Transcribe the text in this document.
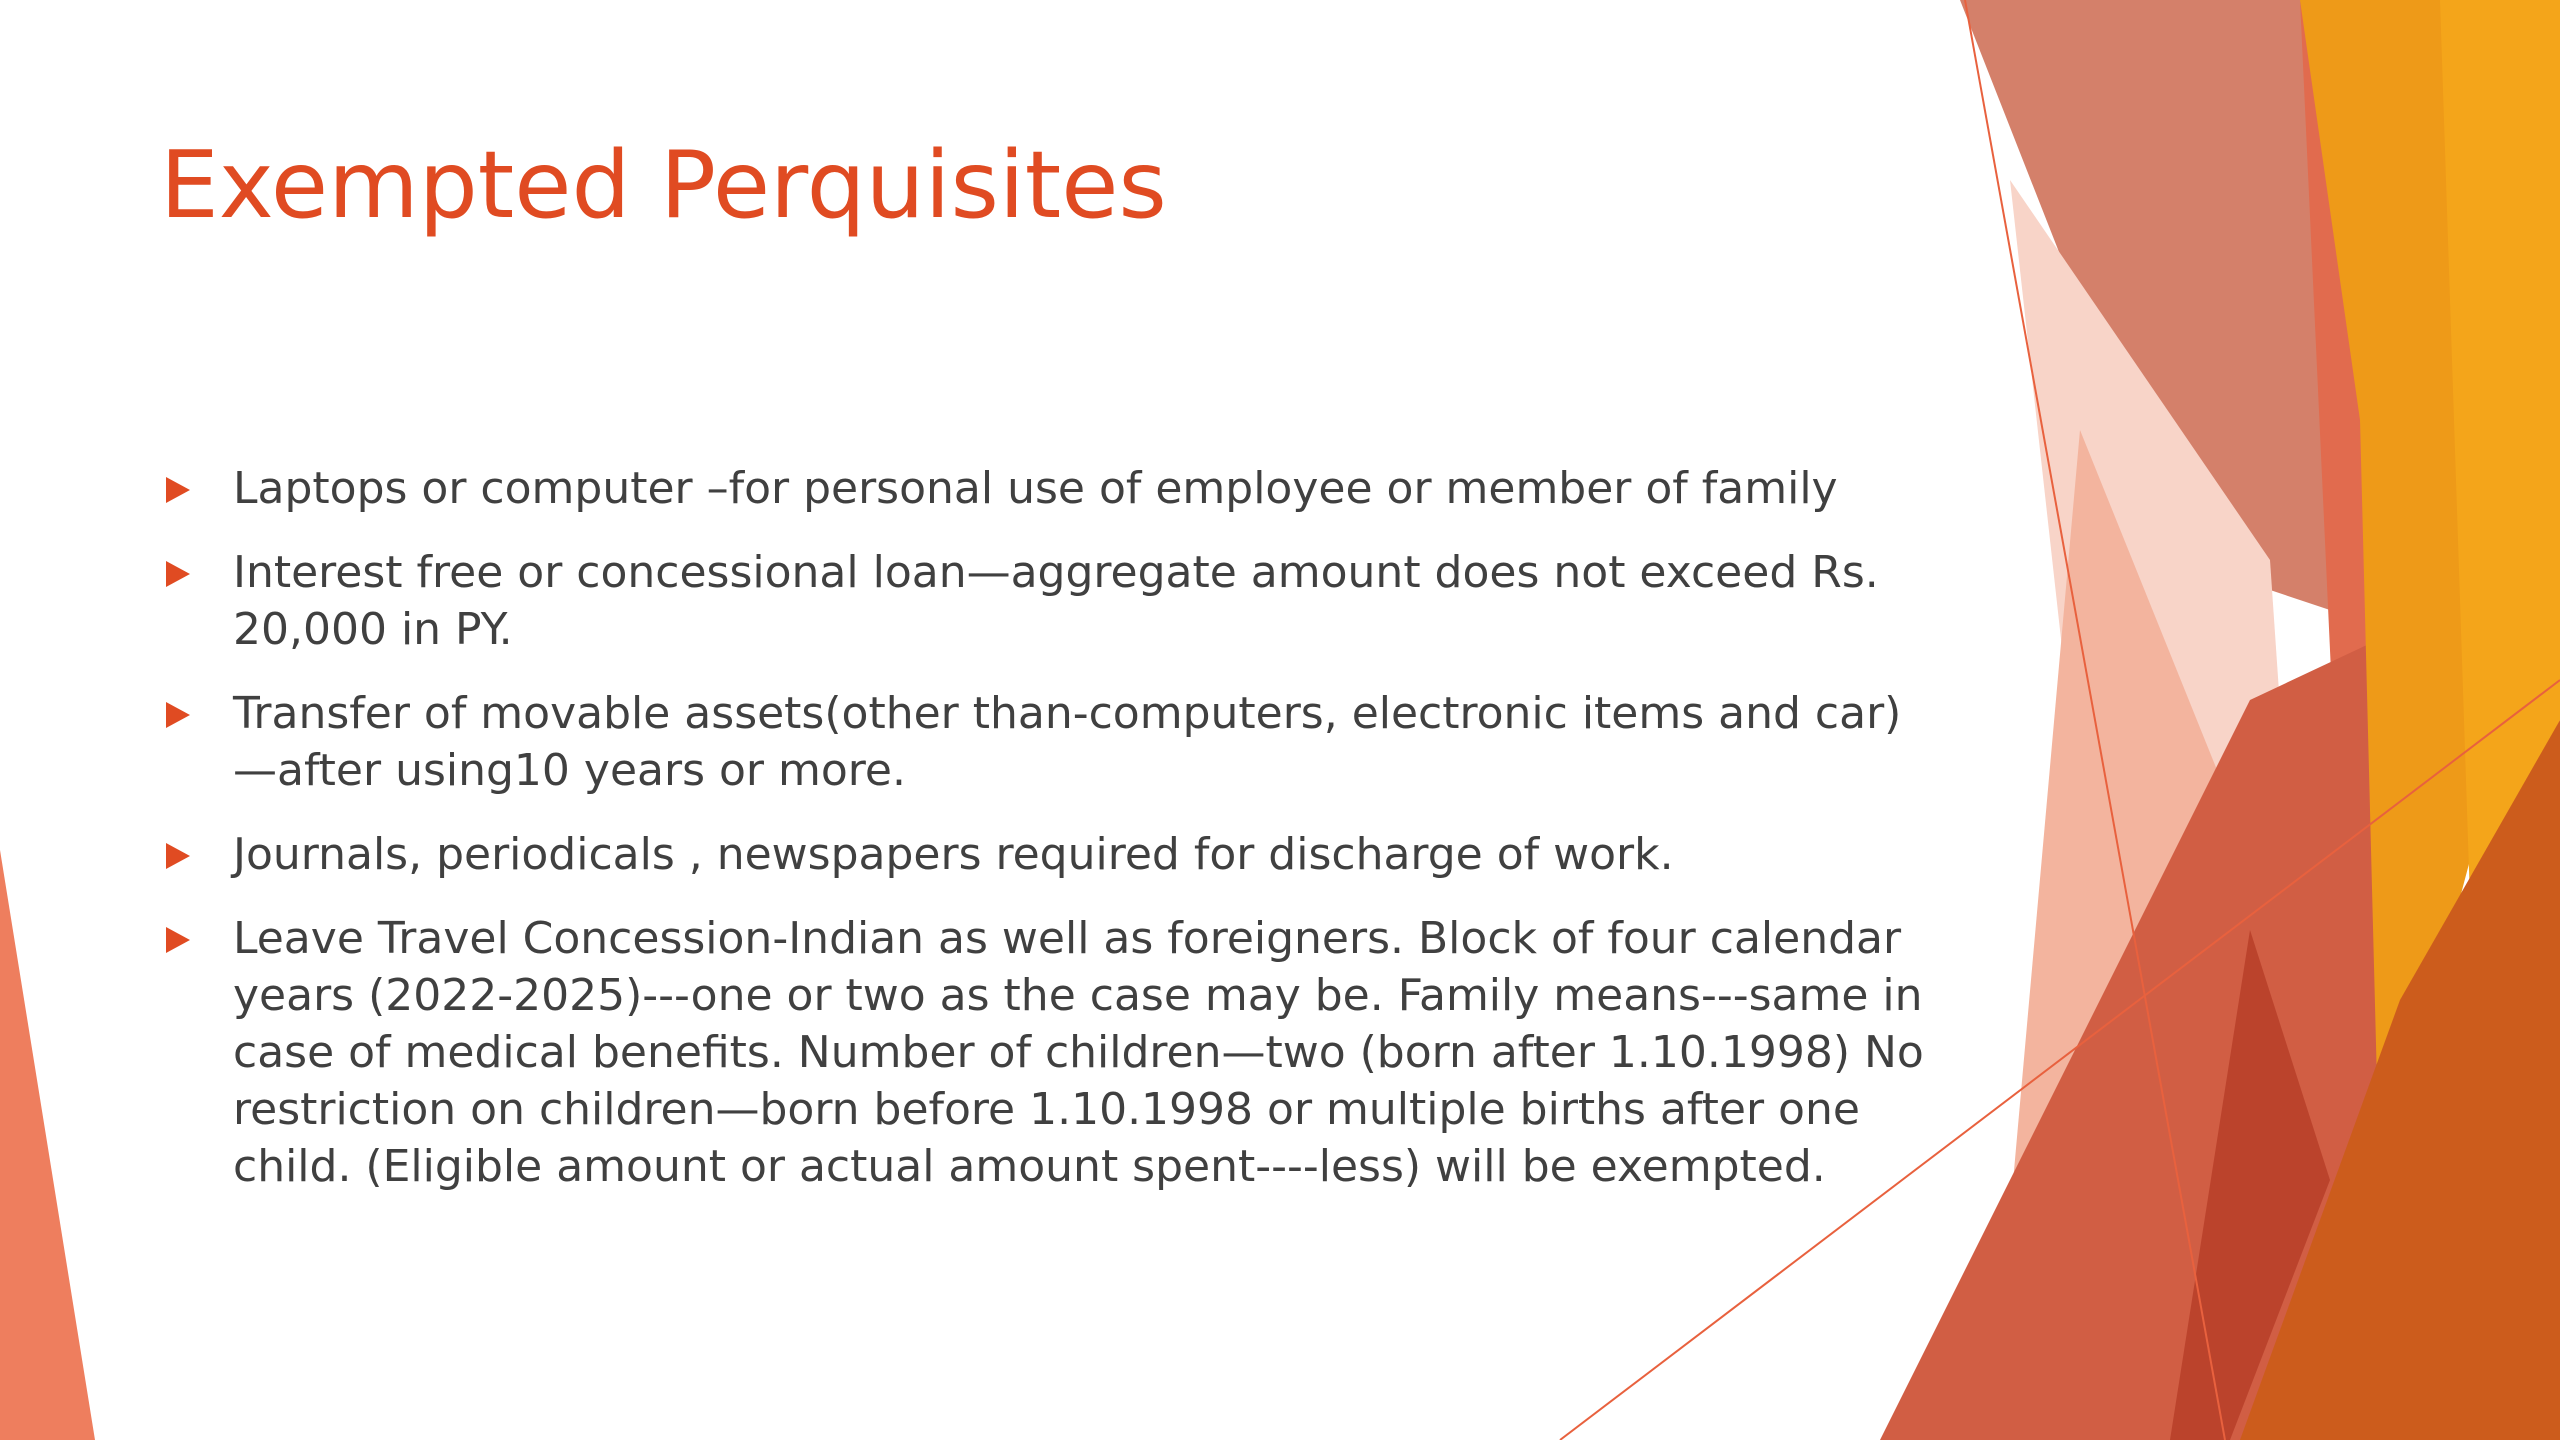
Exempted Perquisites
Laptops or computer –for personal use of employee or member of family
Interest free or concessional loan—aggregate amount does not exceed Rs. 20,000 in PY.
Transfer of movable assets(other than-computers, electronic items and car)—after using10 years or more.
Journals, periodicals , newspapers required for discharge of work.
Leave Travel Concession-Indian as well as foreigners. Block of four calendar years (2022-2025)---one or two as the case may be. Family means---same in case of medical benefits. Number of children—two (born after 1.10.1998) No restriction on children—born before 1.10.1998 or multiple births after one child. (Eligible amount or actual amount spent----less) will be exempted.
